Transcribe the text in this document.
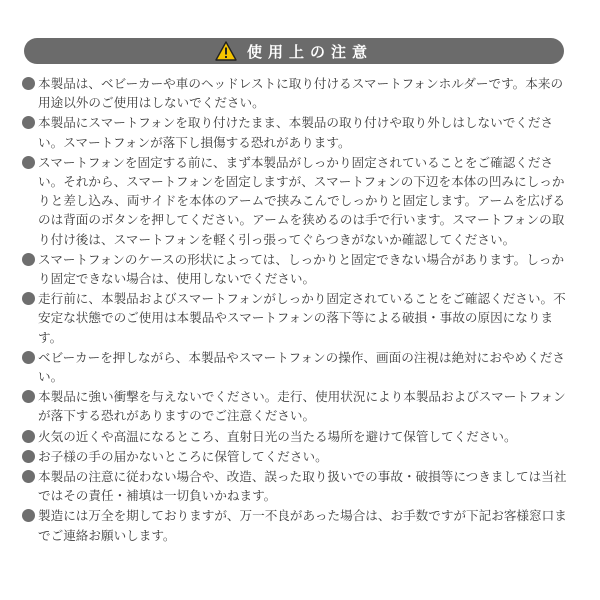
使用上の注意
本製品は、ベビーカーや車のヘッドレストに取り付けるスマートフォンホルダーです。本来の用途以外のご使用はしないでください。
本製品にスマートフォンを取り付けたまま、本製品の取り付けや取り外しはしないでください。スマートフォンが落下し損傷する恐れがあります。
スマートフォンを固定する前に、まず本製品がしっかり固定されていることをご確認ください。それから、スマートフォンを固定しますが、スマートフォンの下辺を本体の凹みにしっかりと差し込み、両サイドを本体のアームで挟みこんでしっかりと固定します。アームを広げるのは背面のボタンを押してください。アームを狭めるのは手で行います。スマートフォンの取り付け後は、スマートフォンを軽く引っ張ってぐらつきがないか確認してください。
スマートフォンのケースの形状によっては、しっかりと固定できない場合があります。しっかり固定できない場合は、使用しないでください。
走行前に、本製品およびスマートフォンがしっかり固定されていることをご確認ください。不安定な状態でのご使用は本製品やスマートフォンの落下等による破損・事故の原因になります。
ベビーカーを押しながら、本製品やスマートフォンの操作、画面の注視は絶対におやめください。
本製品に強い衝撃を与えないでください。走行、使用状況により本製品およびスマートフォンが落下する恐れがありますのでご注意ください。
火気の近くや高温になるところ、直射日光の当たる場所を避けて保管してください。
お子様の手の届かないところに保管してください。
本製品の注意に従わない場合や、改造、誤った取り扱いでの事故・破損等につきましては当社ではその責任・補填は一切負いかねます。
製造には万全を期しておりますが、万一不良があった場合は、お手数ですが下記お客様窓口までご連絡お願いします。
